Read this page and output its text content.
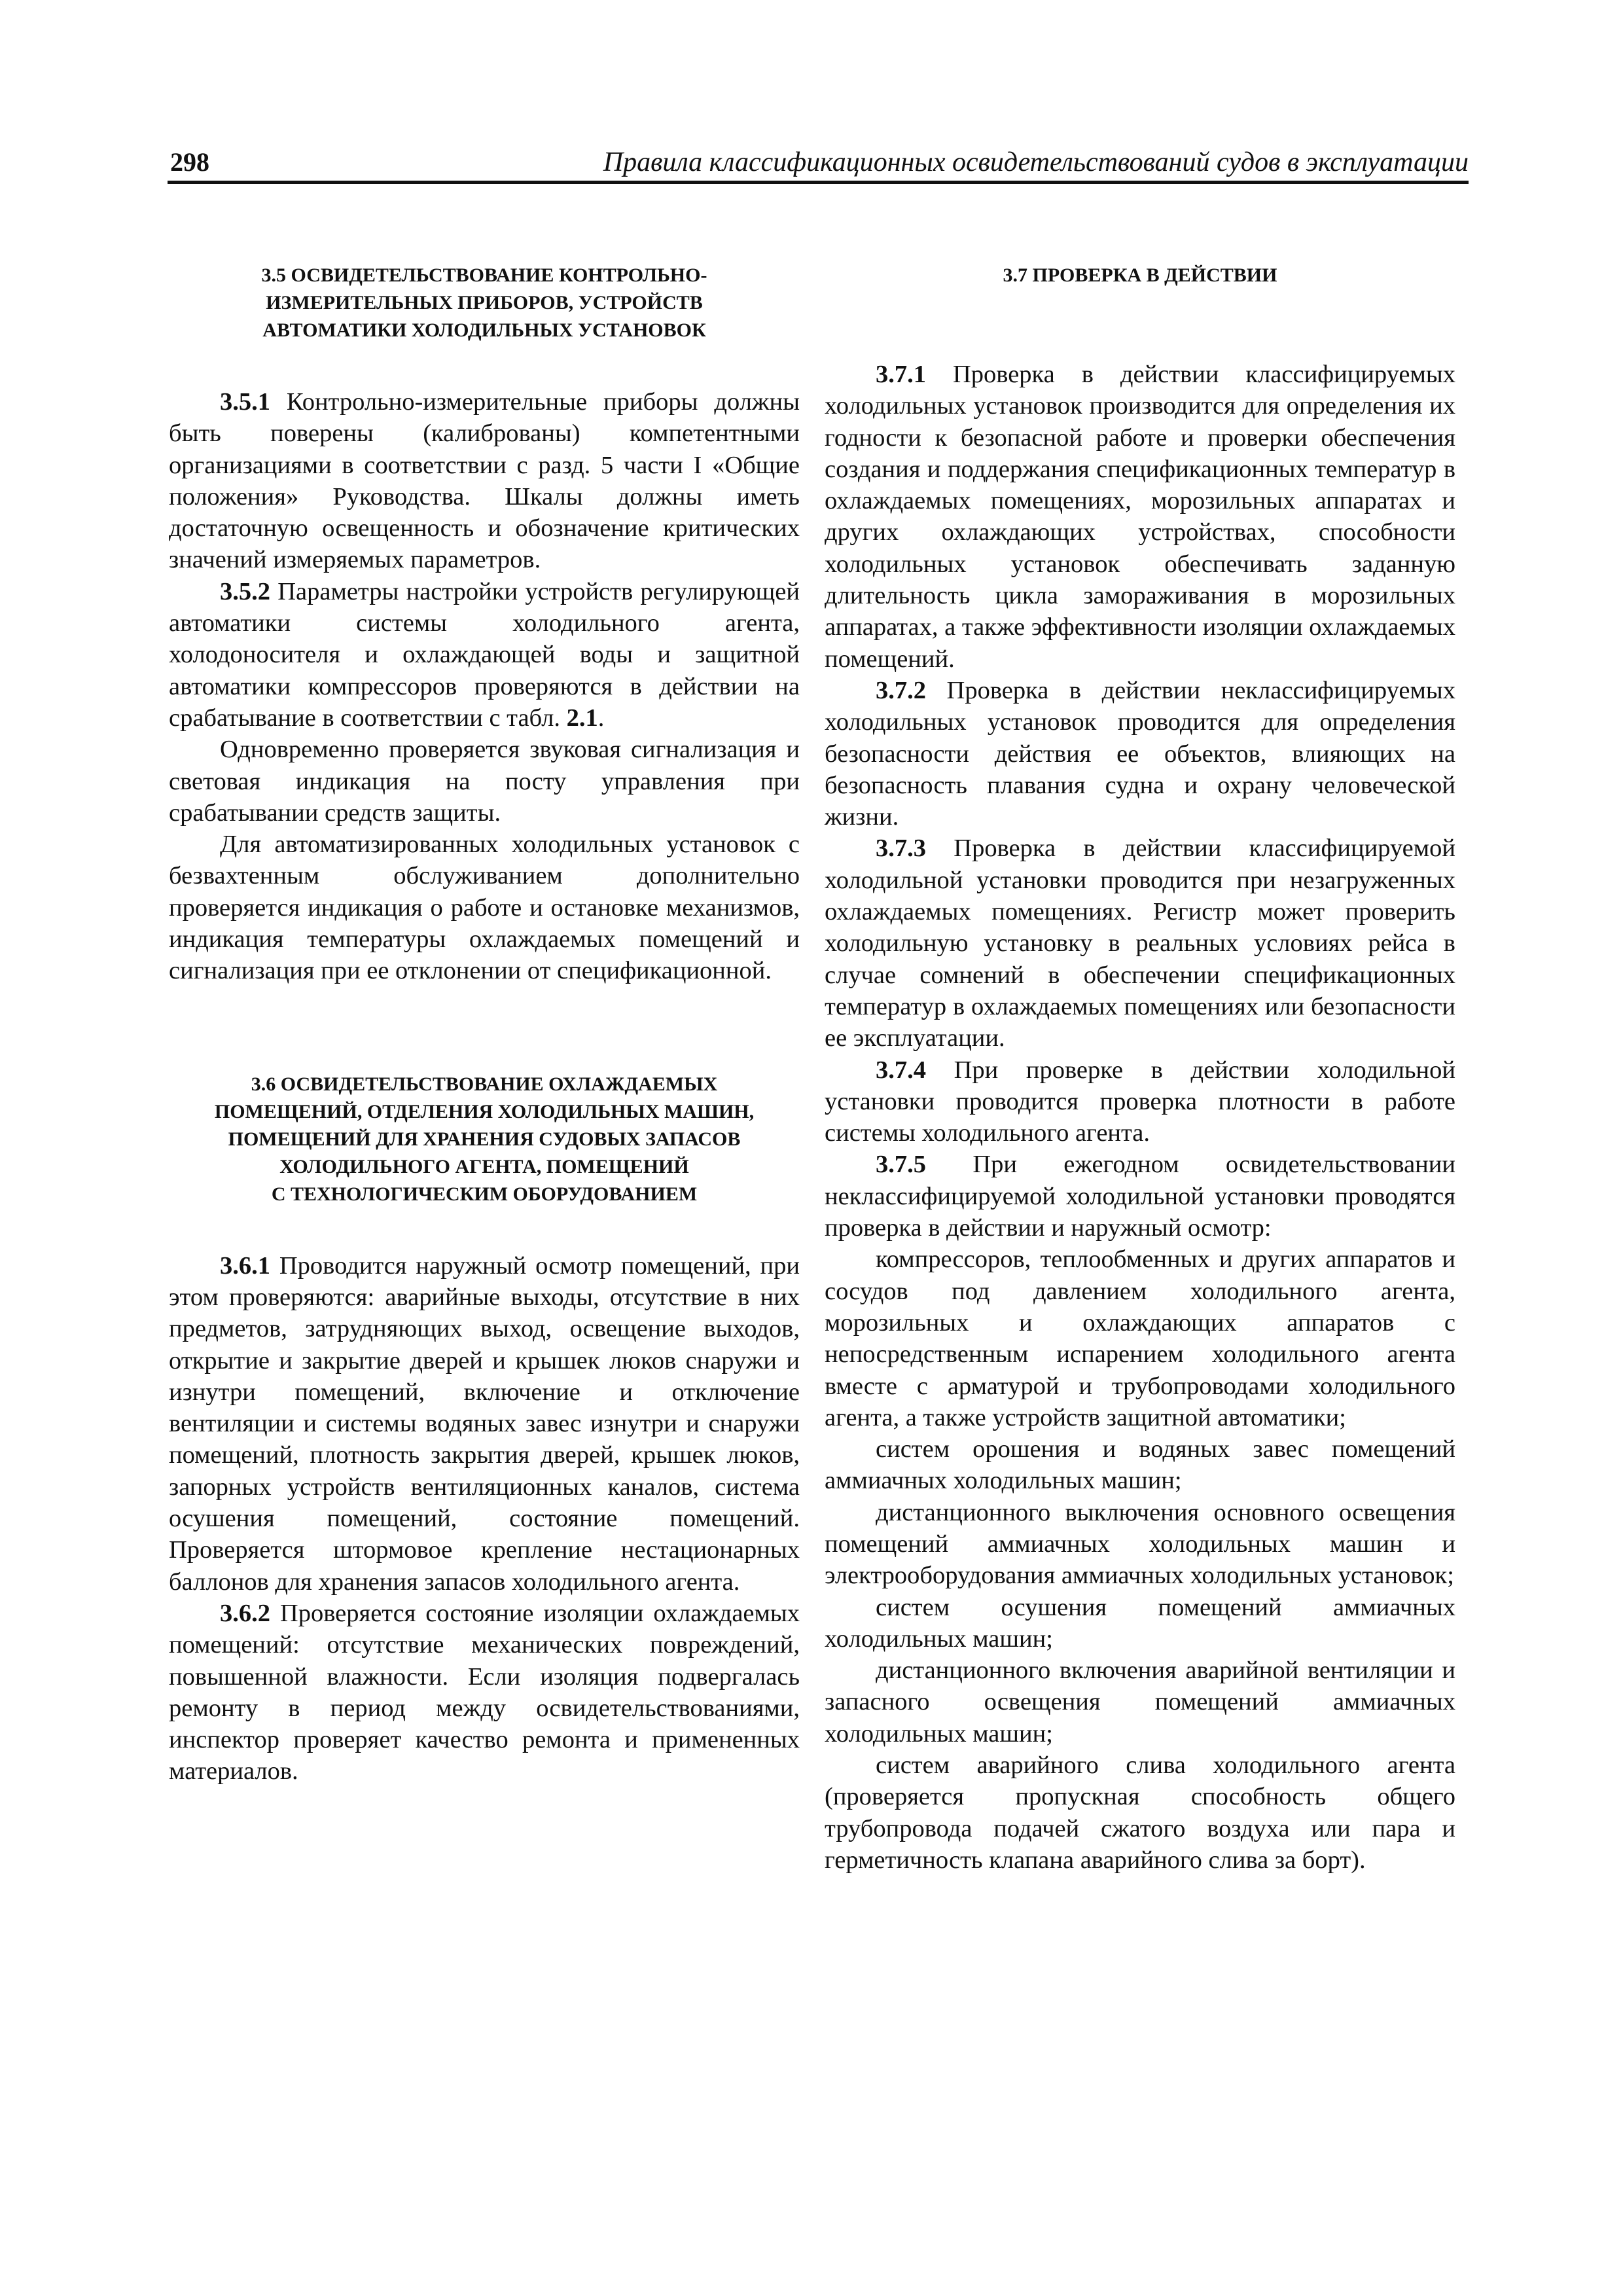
298	Правила классификационных освидетельствований судов в эксплуатации
3.5 ОСВИДЕТЕЛЬСТВОВАНИЕ КОНТРОЛЬНО-
ИЗМЕРИТЕЛЬНЫХ ПРИБОРОВ, УСТРОЙСТВ
АВТОМАТИКИ ХОЛОДИЛЬНЫХ УСТАНОВОК

3.5.1 Контрольно-измерительные приборы должны быть поверены (калиброваны) компетентными организациями в соответствии с разд. 5 части I «Общие положения» Руководства. Шкалы должны иметь достаточную освещенность и обозначение критических значений измеряемых параметров.

3.5.2 Параметры настройки устройств регулирующей автоматики системы холодильного агента, холодоносителя и охлаждающей воды и защитной автоматики компрессоров проверяются в действии на срабатывание в соответствии с табл. 2.1.

Одновременно проверяется звуковая сигнализация и световая индикация на посту управления при срабатывании средств защиты.

Для автоматизированных холодильных установок с безвахтенным обслуживанием дополнительно проверяется индикация о работе и остановке механизмов, индикация температуры охлаждаемых помещений и сигнализация при ее отклонении от спецификационной.

3.6 ОСВИДЕТЕЛЬСТВОВАНИЕ ОХЛАЖДАЕМЫХ
ПОМЕЩЕНИЙ, ОТДЕЛЕНИЯ ХОЛОДИЛЬНЫХ МАШИН,
ПОМЕЩЕНИЙ ДЛЯ ХРАНЕНИЯ СУДОВЫХ ЗАПАСОВ
ХОЛОДИЛЬНОГО АГЕНТА, ПОМЕЩЕНИЙ
С ТЕХНОЛОГИЧЕСКИМ ОБОРУДОВАНИЕМ

3.6.1 Проводится наружный осмотр помещений, при этом проверяются: аварийные выходы, отсутствие в них предметов, затрудняющих выход, освещение выходов, открытие и закрытие дверей и крышек люков снаружи и изнутри помещений, включение и отключение вентиляции и системы водяных завес изнутри и снаружи помещений, плотность закрытия дверей, крышек люков, запорных устройств вентиляционных каналов, система осушения помещений, состояние помещений. Проверяется штормовое крепление нестационарных баллонов для хранения запасов холодильного агента.

3.6.2 Проверяется состояние изоляции охлаждаемых помещений: отсутствие механических повреждений, повышенной влажности. Если изоляция подвергалась ремонту в период между освидетельствованиями, инспектор проверяет качество ремонта и примененных материалов.

3.7 ПРОВЕРКА В ДЕЙСТВИИ

3.7.1 Проверка в действии классифицируемых холодильных установок производится для определения их годности к безопасной работе и проверки обеспечения создания и поддержания спецификационных температур в охлаждаемых помещениях, морозильных аппаратах и других охлаждающих устройствах, способности холодильных установок обеспечивать заданную длительность цикла замораживания в морозильных аппаратах, а также эффективности изоляции охлаждаемых помещений.

3.7.2 Проверка в действии неклассифицируемых холодильных установок проводится для определения безопасности действия ее объектов, влияющих на безопасность плавания судна и охрану человеческой жизни.

3.7.3 Проверка в действии классифицируемой холодильной установки проводится при незагруженных охлаждаемых помещениях. Регистр может проверить холодильную установку в реальных условиях рейса в случае сомнений в обеспечении спецификационных температур в охлаждаемых помещениях или безопасности ее эксплуатации.

3.7.4 При проверке в действии холодильной установки проводится проверка плотности в работе системы холодильного агента.

3.7.5 При ежегодном освидетельствовании неклассифицируемой холодильной установки проводятся проверка в действии и наружный осмотр:

компрессоров, теплообменных и других аппаратов и сосудов под давлением холодильного агента, морозильных и охлаждающих аппаратов с непосредственным испарением холодильного агента вместе с арматурой и трубопроводами холодильного агента, а также устройств защитной автоматики;

систем орошения и водяных завес помещений аммиачных холодильных машин;

дистанционного выключения основного освещения помещений аммиачных холодильных машин и электрооборудования аммиачных холодильных установок;

систем осушения помещений аммиачных холодильных машин;

дистанционного включения аварийной вентиляции и запасного освещения помещений аммиачных холодильных машин;

систем аварийного слива холодильного агента (проверяется пропускная способность общего трубопровода подачей сжатого воздуха или пара и герметичность клапана аварийного слива за борт).
